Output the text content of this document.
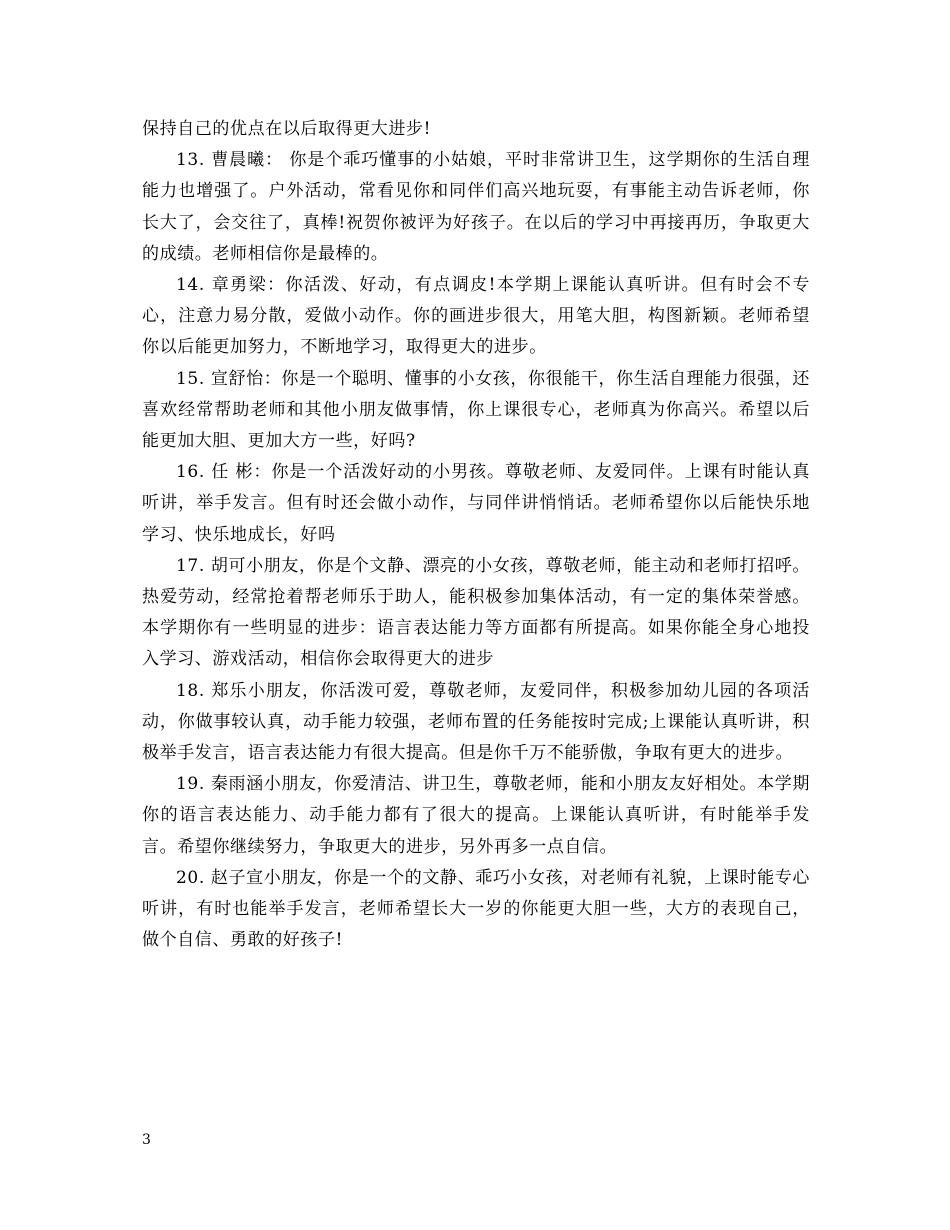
保持自己的优点在以后取得更大进步!

13. 曹晨曦： 你是个乖巧懂事的小姑娘，平时非常讲卫生，这学期你的生活自理能力也增强了。户外活动，常看见你和同伴们高兴地玩耍，有事能主动告诉老师，你长大了，会交往了，真棒!祝贺你被评为好孩子。在以后的学习中再接再历，争取更大的成绩。老师相信你是最棒的。

14. 章勇梁：你活泼、好动，有点调皮!本学期上课能认真听讲。但有时会不专心，注意力易分散，爱做小动作。你的画进步很大，用笔大胆，构图新颖。老师希望你以后能更加努力，不断地学习，取得更大的进步。

15. 宣舒怡：你是一个聪明、懂事的小女孩，你很能干，你生活自理能力很强，还喜欢经常帮助老师和其他小朋友做事情，你上课很专心，老师真为你高兴。希望以后能更加大胆、更加大方一些，好吗?

16. 任 彬：你是一个活泼好动的小男孩。尊敬老师、友爱同伴。上课有时能认真听讲，举手发言。但有时还会做小动作，与同伴讲悄悄话。老师希望你以后能快乐地学习、快乐地成长，好吗

17. 胡可小朋友，你是个文静、漂亮的小女孩，尊敬老师，能主动和老师打招呼。热爱劳动，经常抢着帮老师乐于助人，能积极参加集体活动，有一定的集体荣誉感。本学期你有一些明显的进步：语言表达能力等方面都有所提高。如果你能全身心地投入学习、游戏活动，相信你会取得更大的进步

18. 郑乐小朋友，你活泼可爱，尊敬老师，友爱同伴，积极参加幼儿园的各项活动，你做事较认真，动手能力较强，老师布置的任务能按时完成;上课能认真听讲，积极举手发言，语言表达能力有很大提高。但是你千万不能骄傲，争取有更大的进步。

19. 秦雨涵小朋友，你爱清洁、讲卫生，尊敬老师，能和小朋友友好相处。本学期你的语言表达能力、动手能力都有了很大的提高。上课能认真听讲，有时能举手发言。希望你继续努力，争取更大的进步，另外再多一点自信。

20. 赵子宣小朋友，你是一个的文静、乖巧小女孩，对老师有礼貌，上课时能专心听讲，有时也能举手发言，老师希望长大一岁的你能更大胆一些，大方的表现自己，做个自信、勇敢的好孩子!

3
